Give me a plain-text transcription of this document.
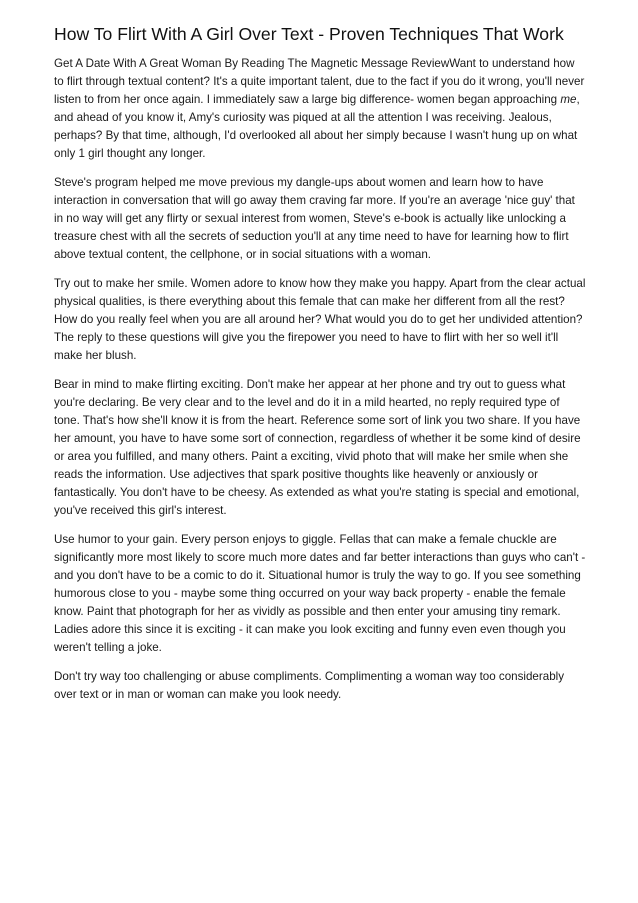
How To Flirt With A Girl Over Text - Proven Techniques That Work

Get A Date With A Great Woman By Reading The Magnetic Message ReviewWant to understand how to flirt through textual content? It's a quite important talent, due to the fact if you do it wrong, you'll never listen to from her once again. I immediately saw a large big difference- women began approaching me, and ahead of you know it, Amy's curiosity was piqued at all the attention I was receiving. Jealous, perhaps? By that time, although, I'd overlooked all about her simply because I wasn't hung up on what only 1 girl thought any longer.

Steve's program helped me move previous my dangle-ups about women and learn how to have interaction in conversation that will go away them craving far more. If you're an average 'nice guy' that in no way will get any flirty or sexual interest from women, Steve's e-book is actually like unlocking a treasure chest with all the secrets of seduction you'll at any time need to have for learning how to flirt above textual content, the cellphone, or in social situations with a woman.

Try out to make her smile. Women adore to know how they make you happy. Apart from the clear actual physical qualities, is there everything about this female that can make her different from all the rest? How do you really feel when you are all around her? What would you do to get her undivided attention? The reply to these questions will give you the firepower you need to have to flirt with her so well it'll make her blush.

Bear in mind to make flirting exciting. Don't make her appear at her phone and try out to guess what you're declaring. Be very clear and to the level and do it in a mild hearted, no reply required type of tone. That's how she'll know it is from the heart. Reference some sort of link you two share. If you have her amount, you have to have some sort of connection, regardless of whether it be some kind of desire or area you fulfilled, and many others. Paint a exciting, vivid photo that will make her smile when she reads the information. Use adjectives that spark positive thoughts like heavenly or anxiously or fantastically. You don't have to be cheesy. As extended as what you're stating is special and emotional, you've received this girl's interest.

Use humor to your gain. Every person enjoys to giggle. Fellas that can make a female chuckle are significantly more most likely to score much more dates and far better interactions than guys who can't - and you don't have to be a comic to do it. Situational humor is truly the way to go. If you see something humorous close to you - maybe some thing occurred on your way back property - enable the female know. Paint that photograph for her as vividly as possible and then enter your amusing tiny remark. Ladies adore this since it is exciting - it can make you look exciting and funny even even though you weren't telling a joke.

Don't try way too challenging or abuse compliments. Complimenting a woman way too considerably over text or in man or woman can make you look needy.
